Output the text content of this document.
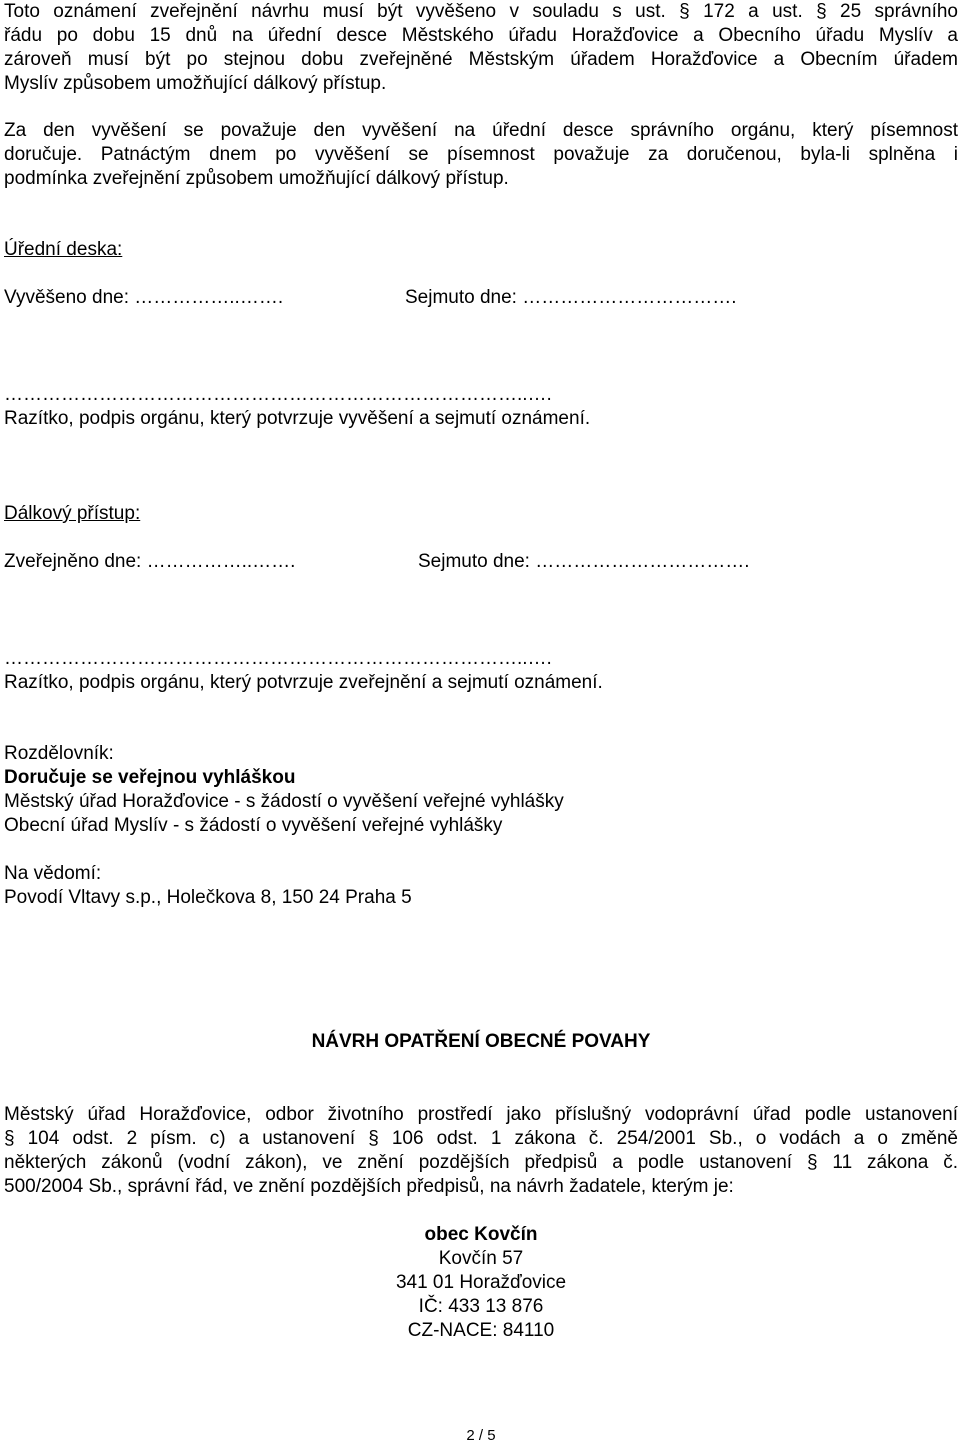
Toto oznámení zveřejnění návrhu musí být vyvěšeno v souladu s ust. § 172 a ust. § 25 správního
řádu po dobu 15 dnů na úřední desce Městského úřadu Horažďovice a Obecního úřadu Myslív a
zároveň musí být po stejnou dobu zveřejněné Městským úřadem Horažďovice a Obecním úřadem
Myslív způsobem umožňující dálkový přístup.
Za den vyvěšení se považuje den vyvěšení na úřední desce správního orgánu, který písemnost
doručuje. Patnáctým dnem po vyvěšení se písemnost považuje za doručenou, byla-li splněna i
podmínka zveřejnění způsobem umožňující dálkový přístup.
Úřední deska:
Vyvěšeno dne: ……………..…….	Sejmuto dne: …………………………….
………………………………………………………………………..….
Razítko, podpis orgánu, který potvrzuje vyvěšení a sejmutí oznámení.
Dálkový přístup:
Zveřejněno dne: ……………..…….	Sejmuto dne: …………………………….
………………………………………………………………………..….
Razítko, podpis orgánu, který potvrzuje zveřejnění a sejmutí oznámení.
Rozdělovník:
Doručuje se veřejnou vyhláškou
Městský úřad Horažďovice - s žádostí o vyvěšení veřejné vyhlášky
Obecní úřad Myslív - s žádostí o vyvěšení veřejné vyhlášky
Na vědomí:
Povodí Vltavy s.p., Holečkova 8, 150 24 Praha 5
NÁVRH OPATŘENÍ OBECNÉ POVAHY
Městský úřad Horažďovice, odbor životního prostředí jako příslušný vodoprávní úřad podle ustanovení
§ 104 odst. 2 písm. c) a ustanovení § 106 odst. 1 zákona č. 254/2001 Sb., o vodách a o změně
některých zákonů (vodní zákon), ve znění pozdějších předpisů a podle ustanovení § 11 zákona č.
500/2004 Sb., správní řád, ve znění pozdějších předpisů, na návrh žadatele, kterým je:
obec Kovčín
Kovčín 57
341 01 Horažďovice
IČ: 433 13 876
CZ-NACE: 84110
2 / 5
